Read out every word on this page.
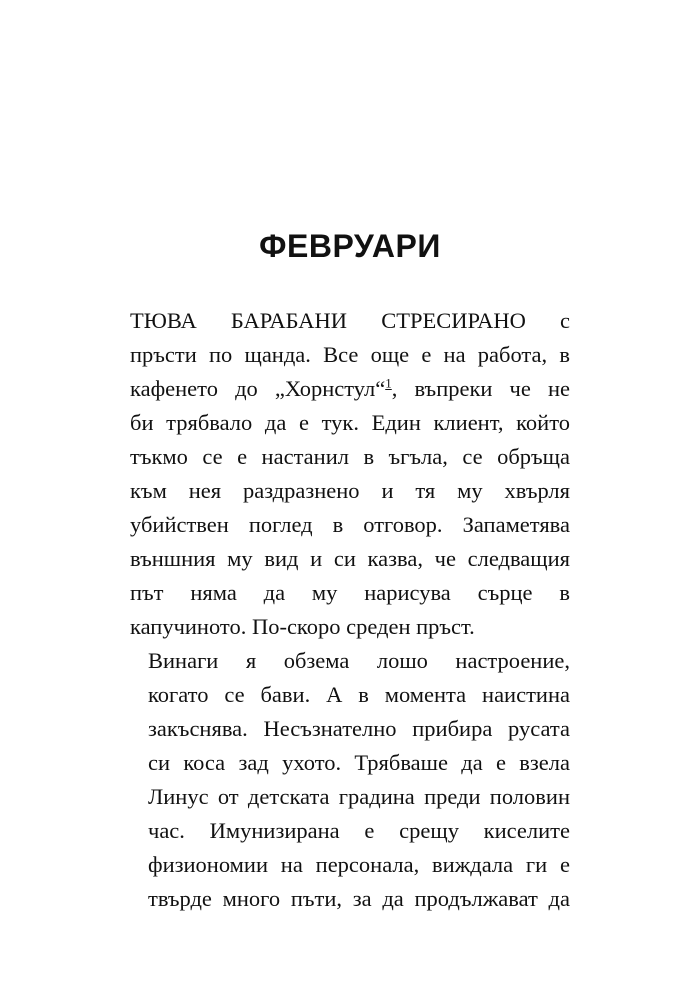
ФЕВРУАРИ

ТЮВА БАРАБАНИ СТРЕСИРАНО с
пръсти по щанда. Все още е на работа, в
кафенето до „Хорнстул“$^1$, въпреки че не
би трябвало да е тук. Един клиент, който
тъкмо се е настанил в ъгъла, се обръща
към нея раздразнено и тя му хвърля
убийствен поглед в отговор. Запаметява
външния му вид и си казва, че следващия
път няма да му нарисува сърце в
капучиното. По-скоро среден пръст.

Винаги я обзема лошо настроение,
когато се бави. А в момента наистина
закъснява. Несъзнателно прибира русата
си коса зад ухото. Трябваше да е взела
Линус от детската градина преди половин
час. Имунизирана е срещу киселите
физиономии на персонала, виждала ги е
твърде много пъти, за да продължават да
